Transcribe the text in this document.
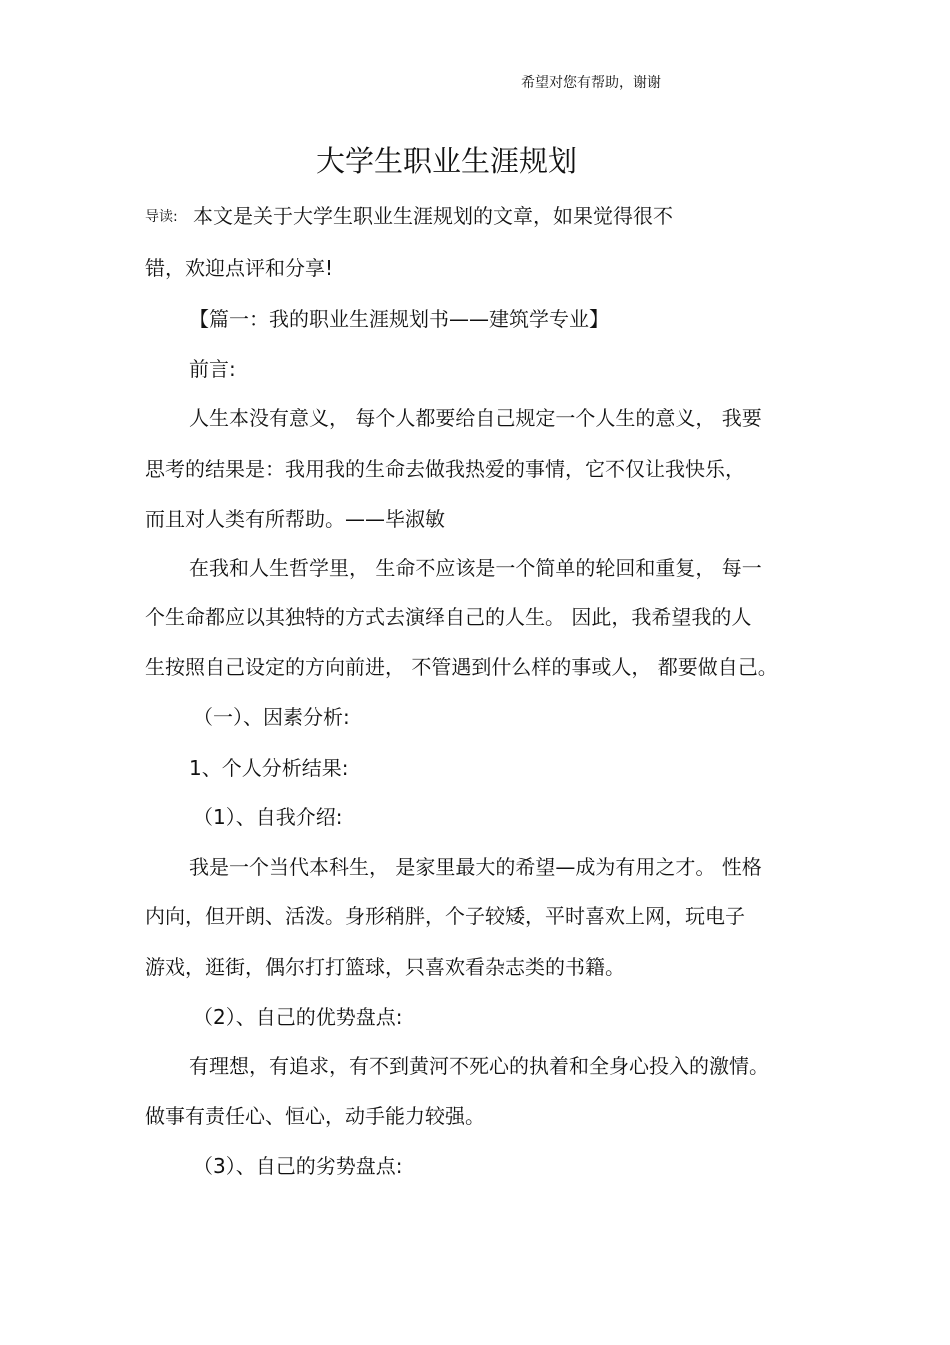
希望对您有帮助，谢谢
大学生职业生涯规划
导读: 本文是关于大学生职业生涯规划的文章，如果觉得很不
错，欢迎点评和分享!
【篇一：我的职业生涯规划书——建筑学专业】
前言:
人生本没有意义， 每个人都要给自己规定一个人生的意义， 我要
思考的结果是：我用我的生命去做我热爱的事情，它不仅让我快乐，
而且对人类有所帮助。——毕淑敏
在我和人生哲学里， 生命不应该是一个简单的轮回和重复， 每一
个生命都应以其独特的方式去演绎自己的人生。 因此，我希望我的人
生按照自己设定的方向前进， 不管遇到什么样的事或人， 都要做自己。
（一）、因素分析:
1、个人分析结果:
（1）、自我介绍:
我是一个当代本科生， 是家里最大的希望—成为有用之才。 性格
内向，但开朗、活泼。身形稍胖，个子较矮，平时喜欢上网，玩电子
游戏，逛街，偶尔打打篮球，只喜欢看杂志类的书籍。
（2）、自己的优势盘点:
有理想，有追求，有不到黄河不死心的执着和全身心投入的激情。
做事有责任心、恒心，动手能力较强。
（3）、自己的劣势盘点:
